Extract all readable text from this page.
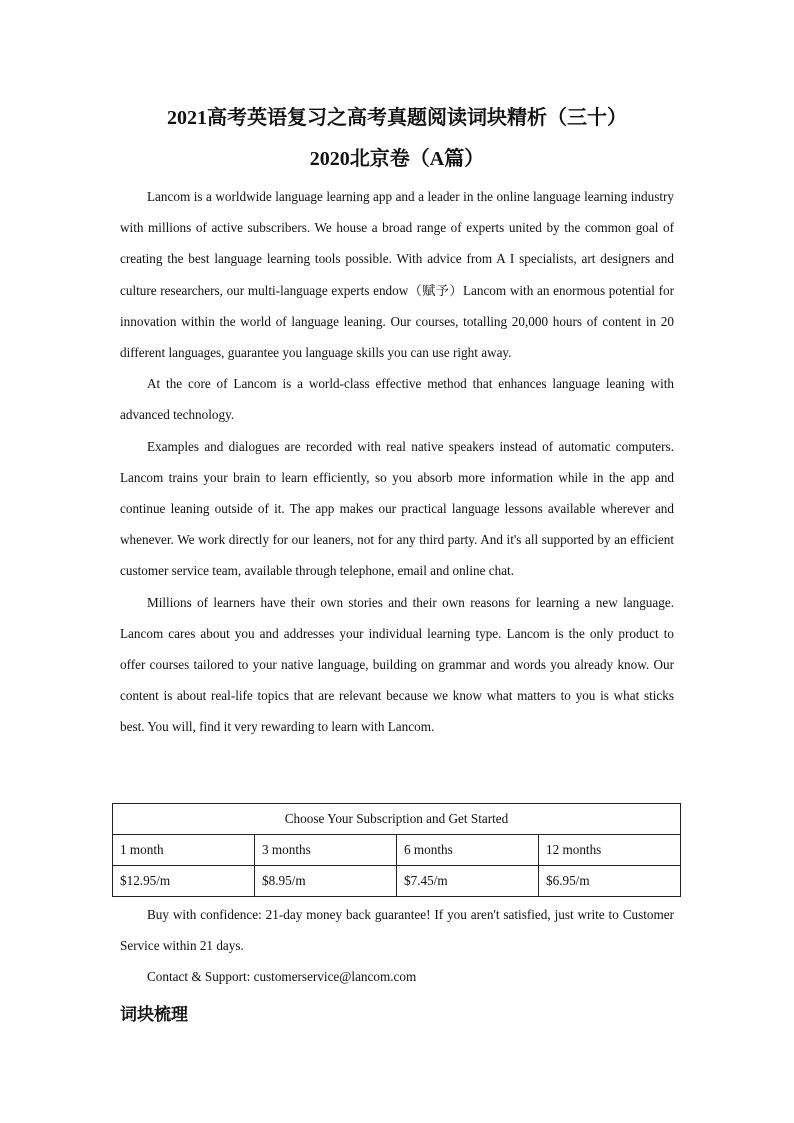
2021高考英语复习之高考真题阅读词块精析（三十）
2020北京卷（A篇）

Lancom is a worldwide language learning app and a leader in the online language learning industry with millions of active subscribers. We house a broad range of experts united by the common goal of creating the best language learning tools possible. With advice from A I specialists, art designers and culture researchers, our multi-language experts endow（赋予）Lancom with an enormous potential for innovation within the world of language leaning. Our courses, totalling 20,000 hours of content in 20 different languages, guarantee you language skills you can use right away.

At the core of Lancom is a world-class effective method that enhances language leaning with advanced technology.

Examples and dialogues are recorded with real native speakers instead of automatic computers. Lancom trains your brain to learn efficiently, so you absorb more information while in the app and continue leaning outside of it. The app makes our practical language lessons available wherever and whenever. We work directly for our leaners, not for any third party. And it's all supported by an efficient customer service team, available through telephone, email and online chat.

Millions of learners have their own stories and their own reasons for learning a new language. Lancom cares about you and addresses your individual learning type. Lancom is the only product to offer courses tailored to your native language, building on grammar and words you already know. Our content is about real-life topics that are relevant because we know what matters to you is what sticks best. You will, find it very rewarding to learn with Lancom.

Choose Your Subscription and Get Started			
1 month	3 months	6 months	12 months
$12.95/m	$8.95/m	$7.45/m	$6.95/m

Buy with confidence: 21-day money back guarantee! If you aren't satisfied, just write to Customer Service within 21 days.

Contact & Support: customerservice@lancom.com

词块梳理
